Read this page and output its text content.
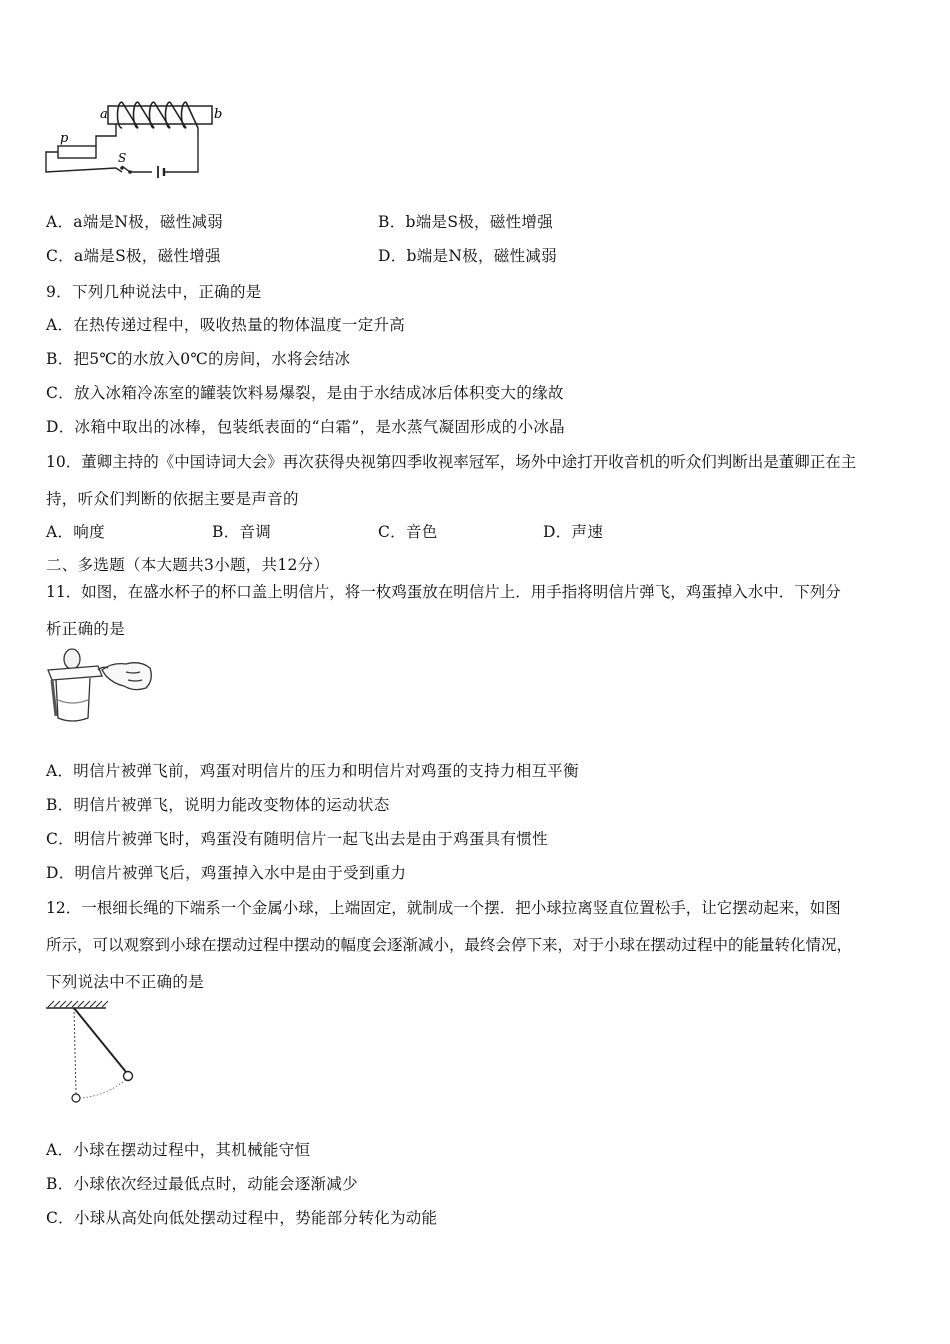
a	b
p
S
A．a端是N极，磁性减弱	B．b端是S极，磁性增强
C．a端是S极，磁性增强	D．b端是N极，磁性减弱
9．下列几种说法中，正确的是
A．在热传递过程中，吸收热量的物体温度一定升高
B．把5℃的水放入0℃的房间，水将会结冰
C．放入冰箱冷冻室的罐装饮料易爆裂，是由于水结成冰后体积变大的缘故
D．冰箱中取出的冰棒，包装纸表面的“白霜”，是水蒸气凝固形成的小冰晶
10．董卿主持的《中国诗词大会》再次获得央视第四季收视率冠军，场外中途打开收音机的听众们判断出是董卿正在主
持，听众们判断的依据主要是声音的
A．响度	B．音调	C．音色	D．声速
二、多选题（本大题共3小题，共12分）
11．如图，在盛水杯子的杯口盖上明信片，将一枚鸡蛋放在明信片上．用手指将明信片弹飞，鸡蛋掉入水中．下列分
析正确的是
A．明信片被弹飞前，鸡蛋对明信片的压力和明信片对鸡蛋的支持力相互平衡
B．明信片被弹飞，说明力能改变物体的运动状态
C．明信片被弹飞时，鸡蛋没有随明信片一起飞出去是由于鸡蛋具有惯性
D．明信片被弹飞后，鸡蛋掉入水中是由于受到重力
12．一根细长绳的下端系一个金属小球，上端固定，就制成一个摆．把小球拉离竖直位置松手，让它摆动起来，如图
所示，可以观察到小球在摆动过程中摆动的幅度会逐渐减小，最终会停下来，对于小球在摆动过程中的能量转化情况，
下列说法中不正确的是
A．小球在摆动过程中，其机械能守恒
B．小球依次经过最低点时，动能会逐渐减少
C．小球从高处向低处摆动过程中，势能部分转化为动能
